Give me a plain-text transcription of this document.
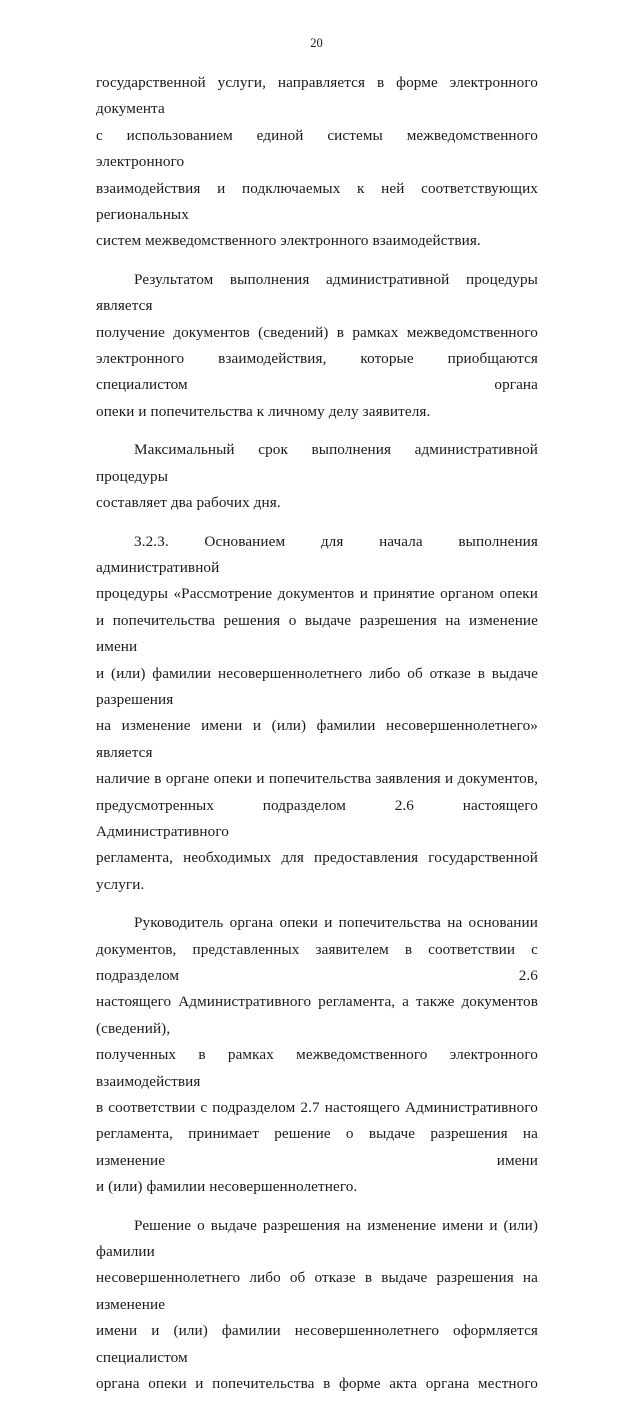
20

государственной услуги, направляется в форме электронного документа
с использованием единой системы межведомственного электронного
взаимодействия и подключаемых к ней соответствующих региональных
систем межведомственного электронного взаимодействия.

Результатом выполнения административной процедуры является
получение документов (сведений) в рамках межведомственного
электронного взаимодействия, которые приобщаются специалистом органа
опеки и попечительства к личному делу заявителя.

Максимальный срок выполнения административной процедуры
составляет два рабочих дня.

3.2.3. Основанием для начала выполнения административной
процедуры «Рассмотрение документов и принятие органом опеки
и попечительства решения о выдаче разрешения на изменение имени
и (или) фамилии несовершеннолетнего либо об отказе в выдаче разрешения
на изменение имени и (или) фамилии несовершеннолетнего» является
наличие в органе опеки и попечительства заявления и документов,
предусмотренных подразделом 2.6 настоящего Административного
регламента, необходимых для предоставления государственной услуги.

Руководитель органа опеки и попечительства на основании
документов, представленных заявителем в соответствии с подразделом 2.6
настоящего Административного регламента, а также документов (сведений),
полученных в рамках межведомственного электронного взаимодействия
в соответствии с подразделом 2.7 настоящего Административного
регламента, принимает решение о выдаче разрешения на изменение имени
и (или) фамилии несовершеннолетнего.

Решение о выдаче разрешения на изменение имени и (или) фамилии
несовершеннолетнего либо об отказе в выдаче разрешения на изменение
имени и (или) фамилии несовершеннолетнего оформляется специалистом
органа опеки и попечительства в форме акта органа местного
